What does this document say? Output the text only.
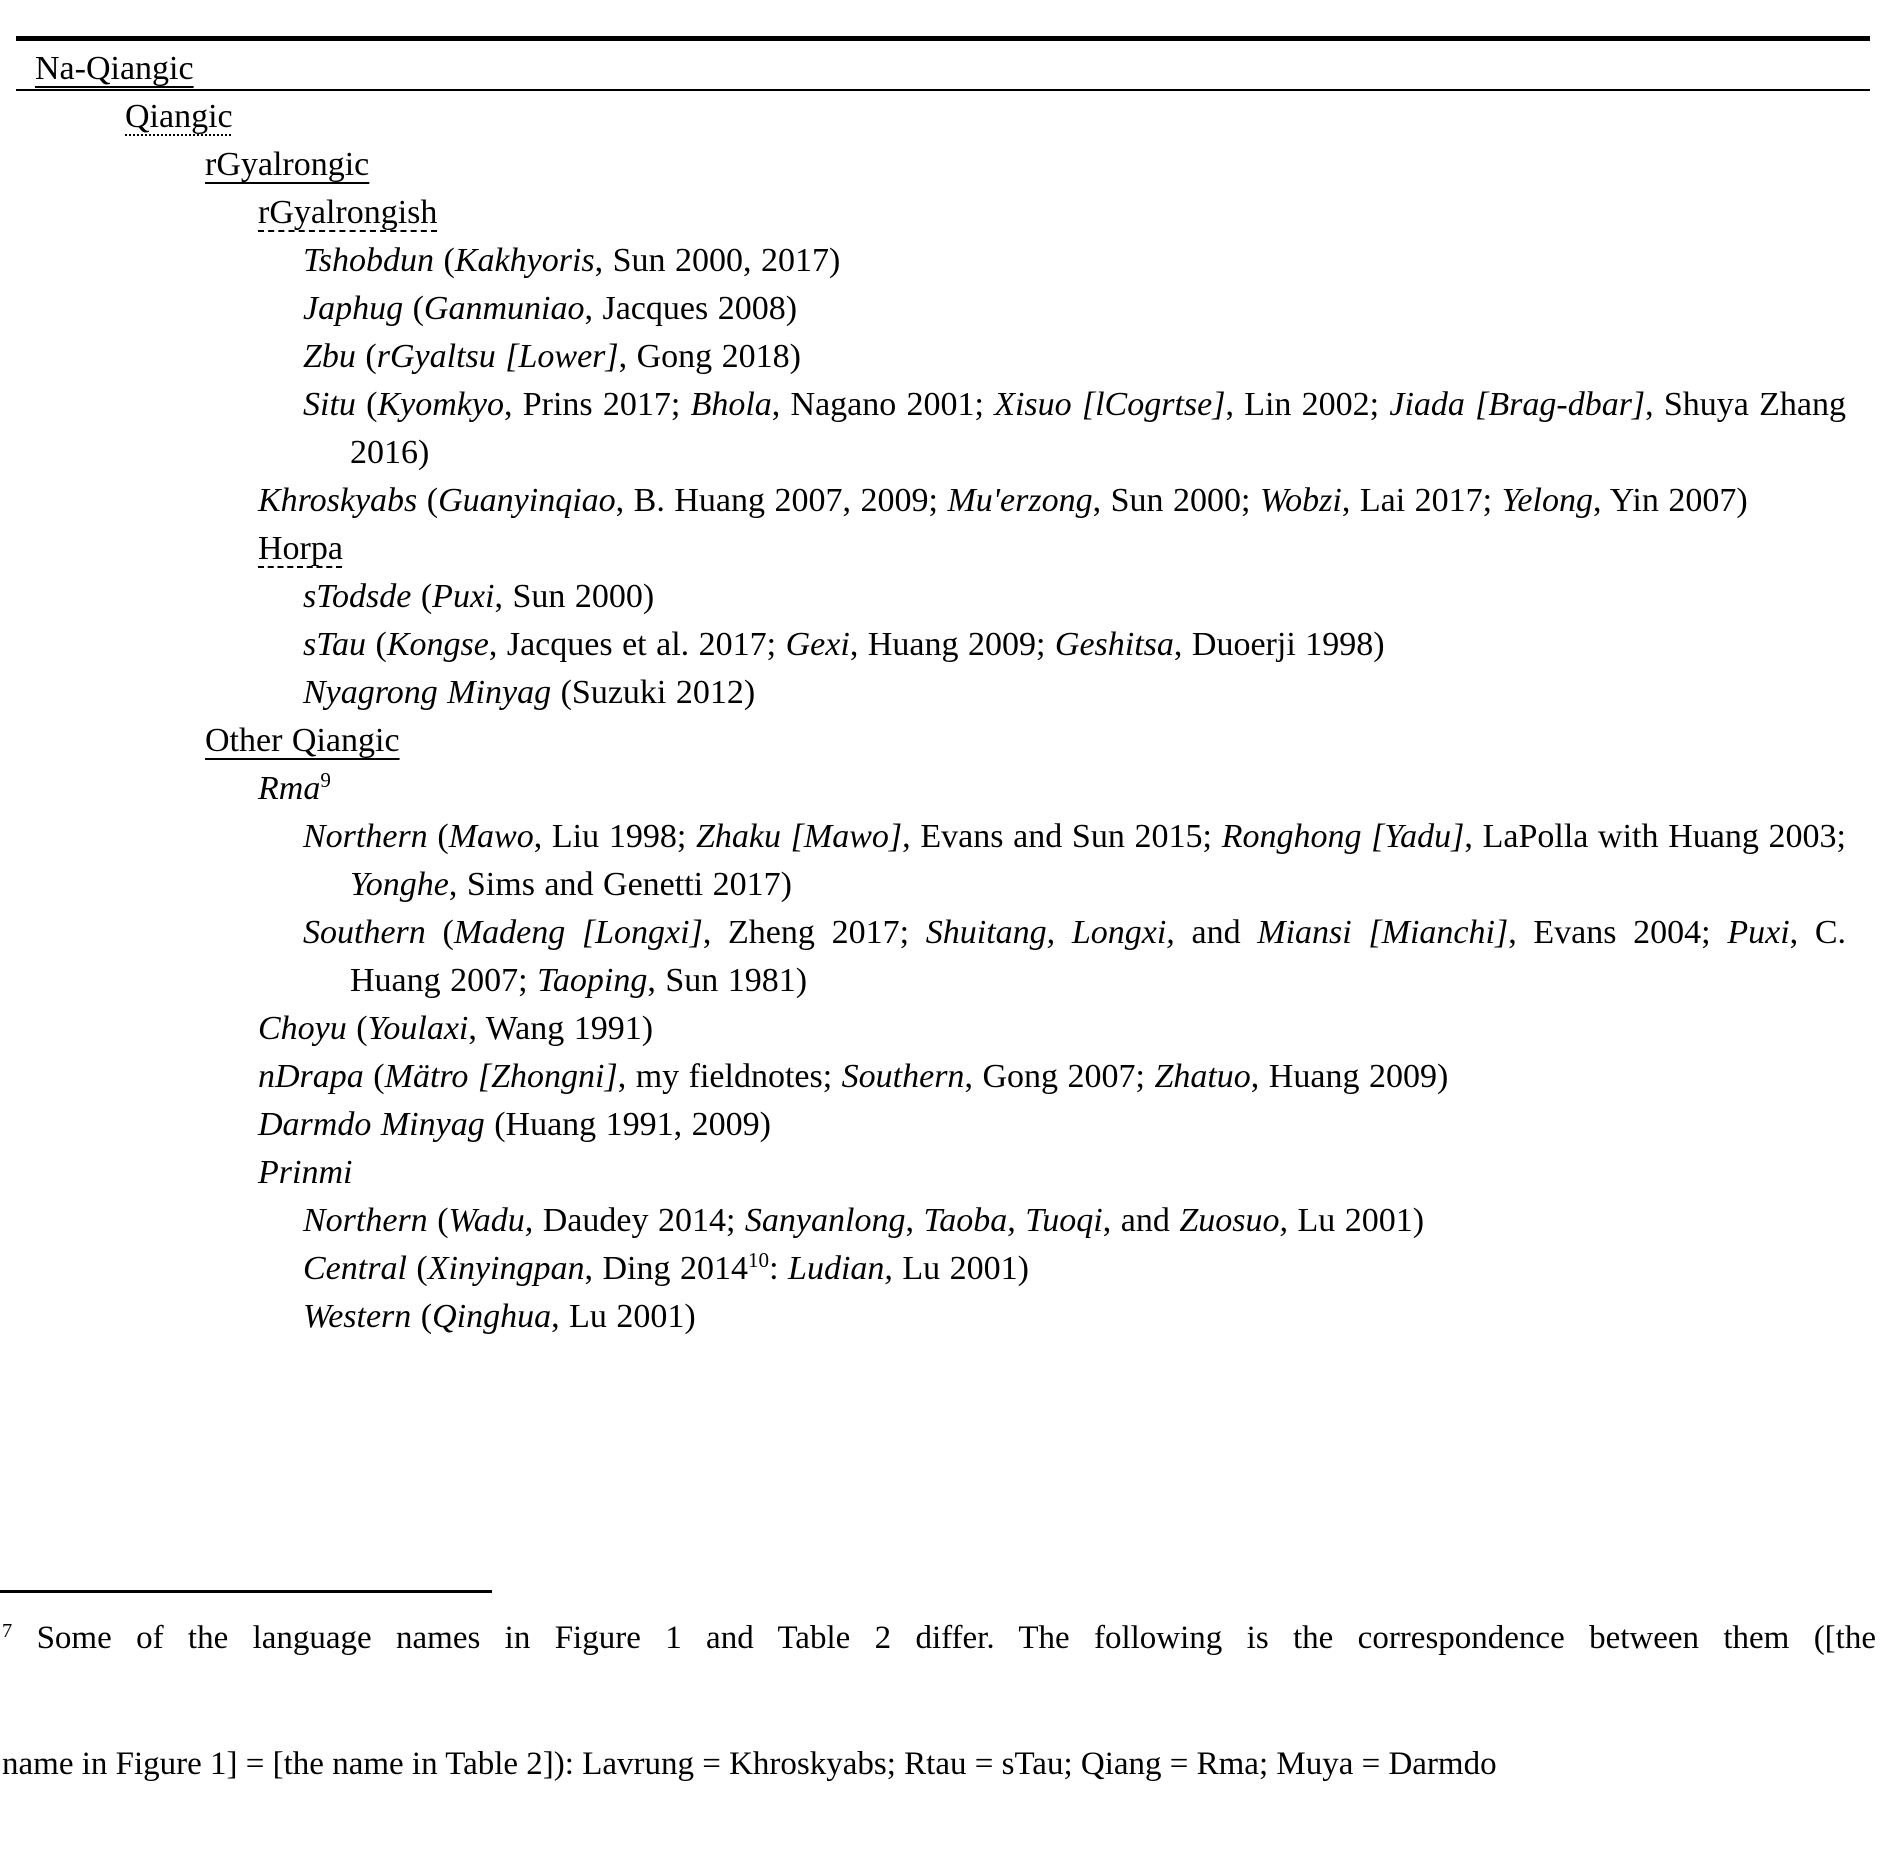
Na-Qiangic
Qiangic
rGyalrongic
rGyalrongish
Tshobdun (Kakhyoris, Sun 2000, 2017)
Japhug (Ganmuniao, Jacques 2008)
Zbu (rGyaltsu [Lower], Gong 2018)
Situ (Kyomkyo, Prins 2017; Bhola, Nagano 2001; Xisuo [lCogrtse], Lin 2002; Jiada [Brag-dbar], Shuya Zhang 2016)
Khroskyabs (Guanyinqiao, B. Huang 2007, 2009; Mu'erzong, Sun 2000; Wobzi, Lai 2017; Yelong, Yin 2007)
Horpa
sTodsde (Puxi, Sun 2000)
sTau (Kongse, Jacques et al. 2017; Gexi, Huang 2009; Geshitsa, Duoerji 1998)
Nyagrong Minyag (Suzuki 2012)
Other Qiangic
Rma$^9$
Northern (Mawo, Liu 1998; Zhaku [Mawo], Evans and Sun 2015; Ronghong [Yadu], LaPolla with Huang 2003; Yonghe, Sims and Genetti 2017)
Southern (Madeng [Longxi], Zheng 2017; Shuitang, Longxi, and Miansi [Mianchi], Evans 2004; Puxi, C. Huang 2007; Taoping, Sun 1981)
Choyu (Youlaxi, Wang 1991)
nDrapa (Mätro [Zhongni], my fieldnotes; Southern, Gong 2007; Zhatuo, Huang 2009)
Darmdo Minyag (Huang 1991, 2009)
Prinmi
Northern (Wadu, Daudey 2014; Sanyanlong, Taoba, Tuoqi, and Zuosuo, Lu 2001)
Central (Xinyingpan, Ding 2014$^{10}$: Ludian, Lu 2001)
Western (Qinghua, Lu 2001)
$^7$ Some of the language names in Figure 1 and Table 2 differ. The following is the correspondence between them ([the
name in Figure 1] = [the name in Table 2]): Lavrung = Khroskyabs; Rtau = sTau; Qiang = Rma; Muya = Darmdo
